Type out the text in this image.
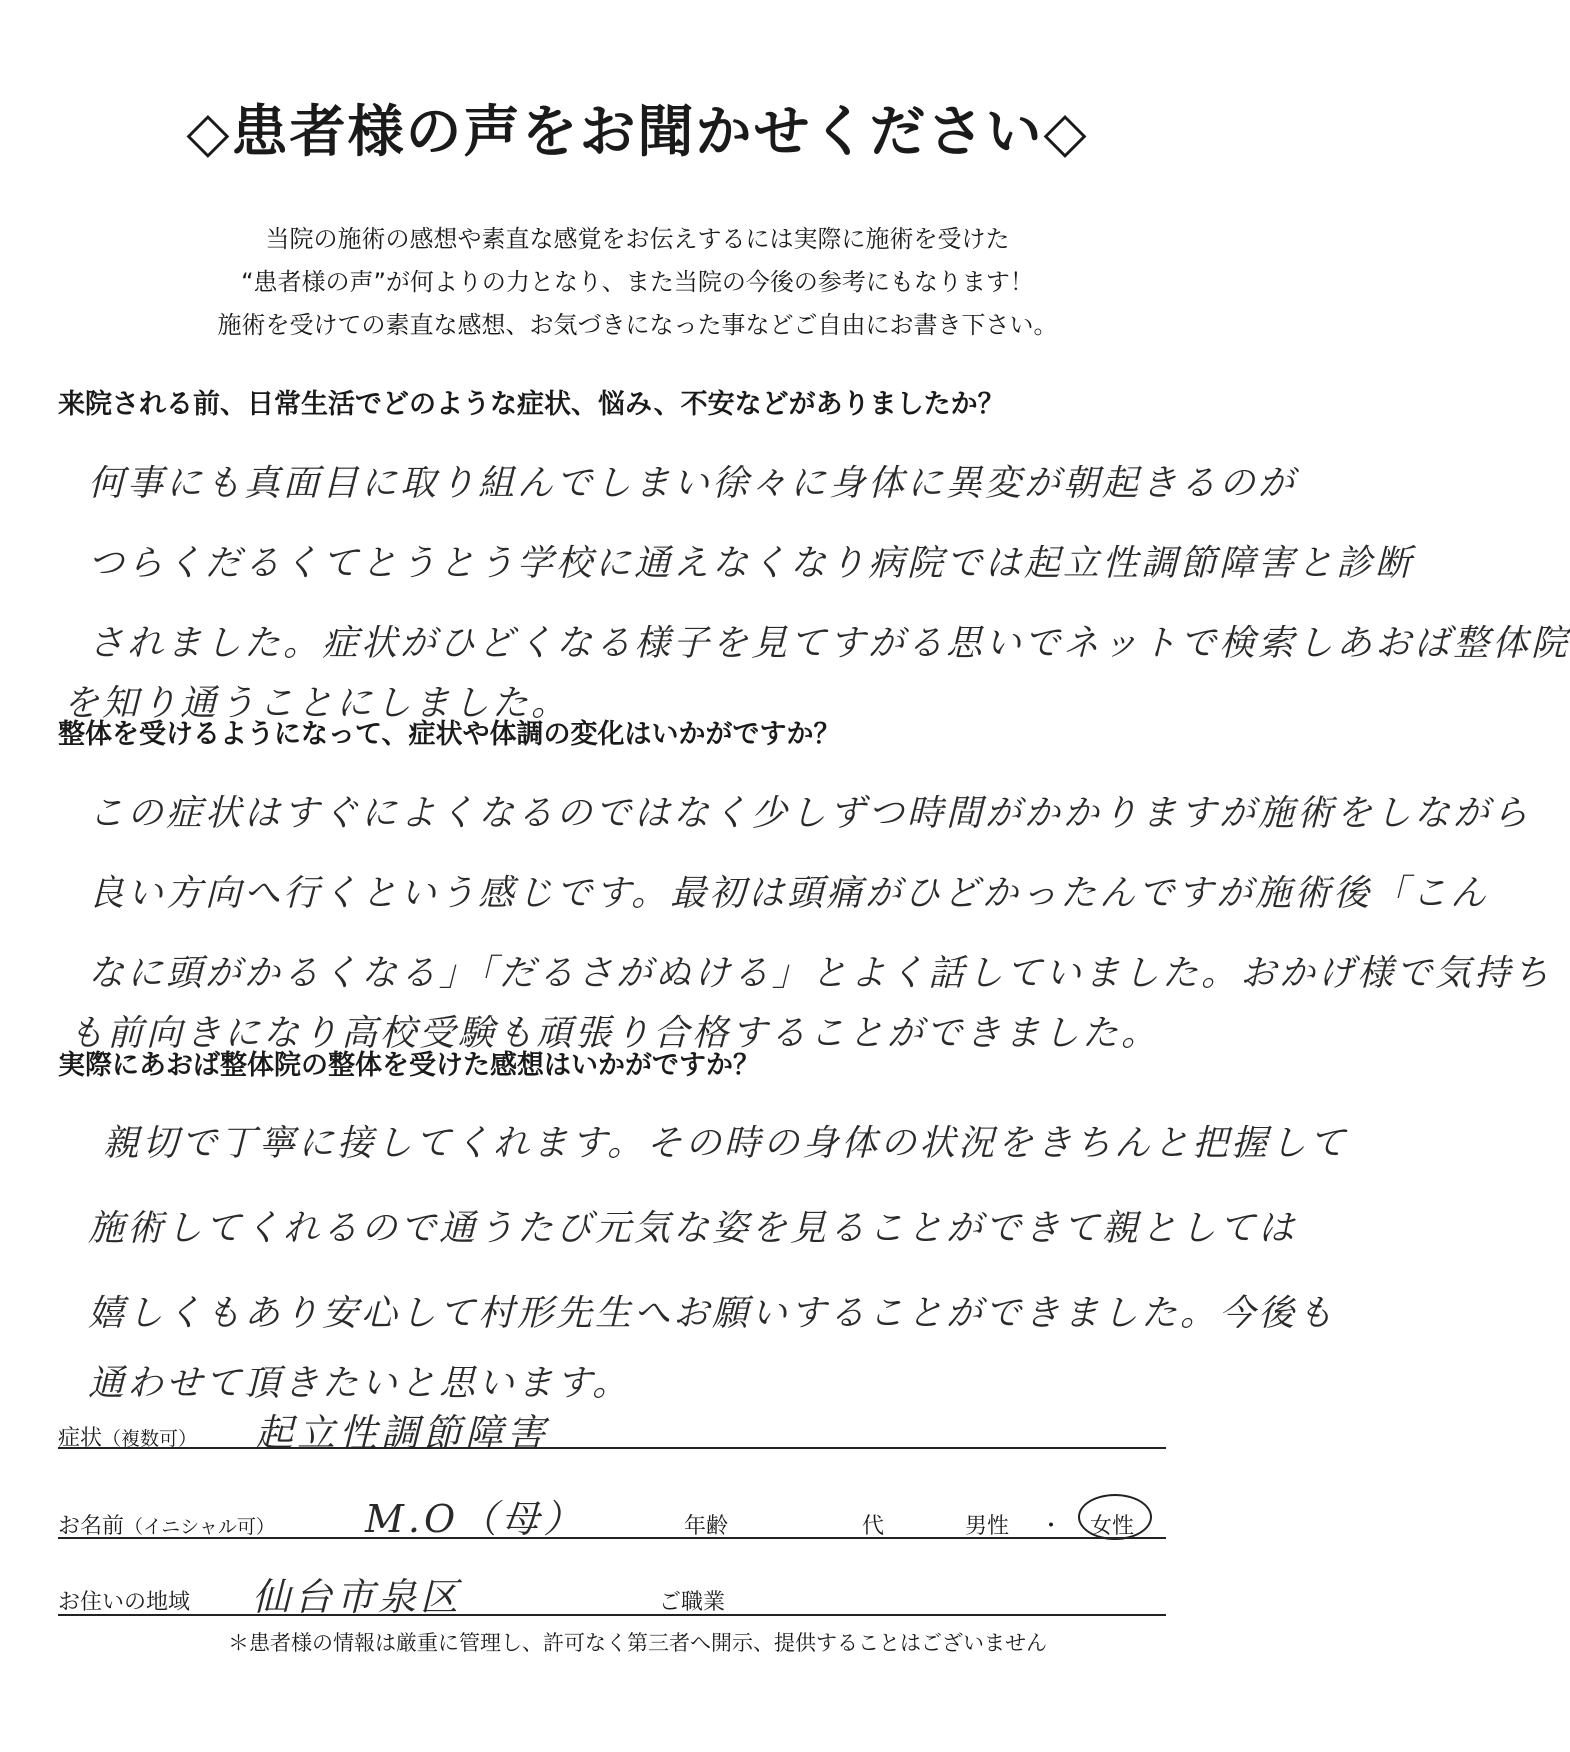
◇患者様の声をお聞かせください◇
当院の施術の感想や素直な感覚をお伝えするには実際に施術を受けた
“患者様の声”が何よりの力となり、また当院の今後の参考にもなります！
施術を受けての素直な感想、お気づきになった事などご自由にお書き下さい。
来院される前、日常生活でどのような症状、悩み、不安などがありましたか？
何事にも真面目に取り組んでしまい徐々に身体に異変が朝起きるのが
つらくだるくてとうとう学校に通えなくなり病院では起立性調節障害と診断
されました。症状がひどくなる様子を見てすがる思いでネットで検索しあおば整体院
を知り通うことにしました。
整体を受けるようになって、症状や体調の変化はいかがですか？
この症状はすぐによくなるのではなく少しずつ時間がかかりますが施術をしながら
良い方向へ行くという感じです。最初は頭痛がひどかったんですが施術後「こん
なに頭がかるくなる」「だるさがぬける」とよく話していました。おかげ様で気持ち
も前向きになり高校受験も頑張り合格することができました。
実際にあおば整体院の整体を受けた感想はいかがですか？
親切で丁寧に接してくれます。その時の身体の状況をきちんと把握して
施術してくれるので通うたび元気な姿を見ることができて親としては
嬉しくもあり安心して村形先生へお願いすることができました。今後も
通わせて頂きたいと思います。
症状（複数可） 起立性調節障害
お名前（イニシャル可） M.O（母）	年齢	代	男性 ・ 女性
お住いの地域 仙台市泉区	ご職業
＊患者様の情報は厳重に管理し、許可なく第三者へ開示、提供することはございません
